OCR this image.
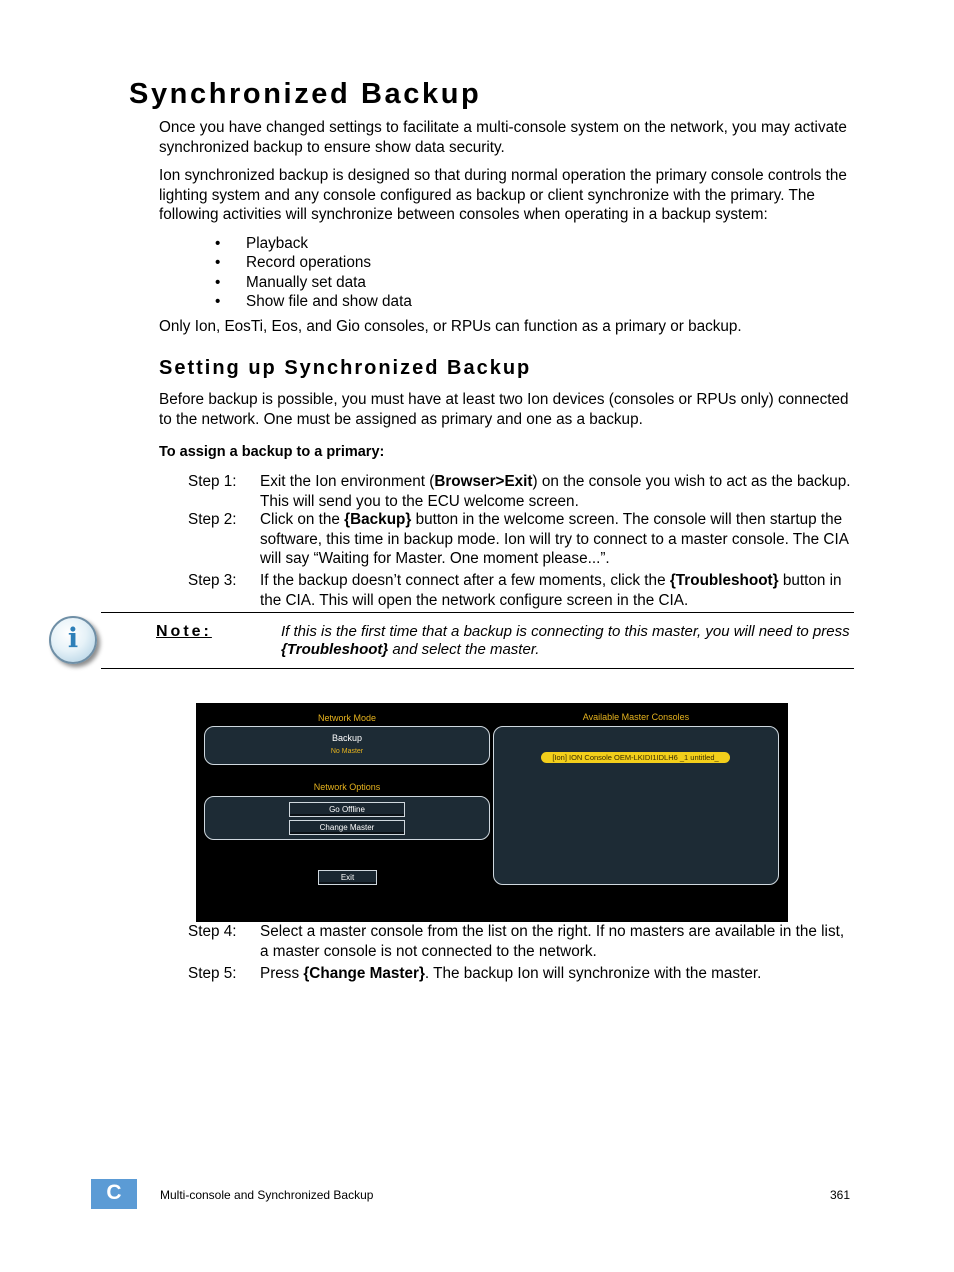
Synchronized Backup
Once you have changed settings to facilitate a multi-console system on the network, you may activate synchronized backup to ensure show data security.
Ion synchronized backup is designed so that during normal operation the primary console controls the lighting system and any console configured as backup or client synchronize with the primary. The following activities will synchronize between consoles when operating in a backup system:
• Playback
• Record operations
• Manually set data
• Show file and show data
Only Ion, EosTi, Eos, and Gio consoles, or RPUs can function as a primary or backup.
Setting up Synchronized Backup
Before backup is possible, you must have at least two Ion devices (consoles or RPUs only) connected to the network. One must be assigned as primary and one as a backup.
To assign a backup to a primary:
Step 1:	Exit the Ion environment (Browser>Exit) on the console you wish to act as the backup. This will send you to the ECU welcome screen.
Step 2:	Click on the {Backup} button in the welcome screen. The console will then startup the software, this time in backup mode. Ion will try to connect to a master console. The CIA will say “Waiting for Master. One moment please...”.
Step 3:	If the backup doesn’t connect after a few moments, click the {Troubleshoot} button in the CIA. This will open the network configure screen in the CIA.
i	Note:	If this is the first time that a backup is connecting to this master, you will need to press {Troubleshoot} and select the master.
Network Mode
Backup
No Master
Network Options
Go Offline
Change Master
Exit
Available Master Consoles
[Ion] ION Console OEM-LKIDI1IDLH6 _1 untitled_
Step 4:	Select a master console from the list on the right. If no masters are available in the list, a master console is not connected to the network.
Step 5:	Press {Change Master}. The backup Ion will synchronize with the master.
C	Multi-console and Synchronized Backup	361
